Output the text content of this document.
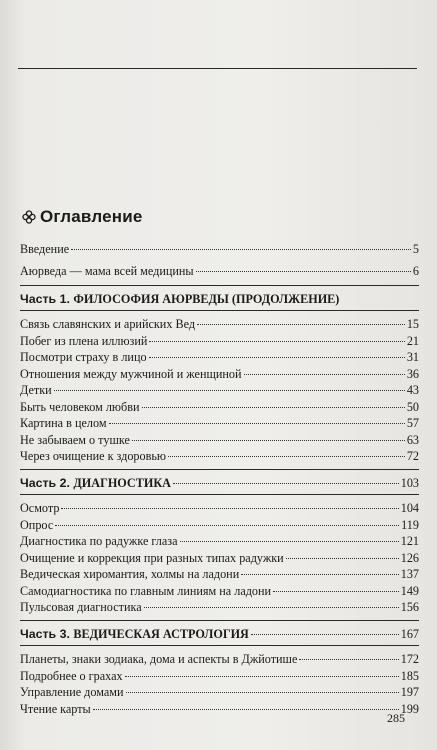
Оглавление
Введение	5
Аюрведа — мама всей медицины	6
Часть 1. ФИЛОСОФИЯ АЮРВЕДЫ (ПРОДОЛЖЕНИЕ)
Связь славянских и арийских Вед	15
Побег из плена иллюзий	21
Посмотри страху в лицо	31
Отношения между мужчиной и женщиной	36
Детки	43
Быть человеком любви	50
Картина в целом	57
Не забываем о тушке	63
Через очищение к здоровью	72
Часть 2. ДИАГНОСТИКА	103
Осмотр	104
Опрос	119
Диагностика по радужке глаза	121
Очищение и коррекция при разных типах радужки	126
Ведическая хиромантия, холмы на ладони	137
Самодиагностика по главным линиям на ладони	149
Пульсовая диагностика	156
Часть 3. ВЕДИЧЕСКАЯ АСТРОЛОГИЯ	167
Планеты, знаки зодиака, дома и аспекты в Джйотише	172
Подробнее о грахах	185
Управление домами	197
Чтение карты	199
285
